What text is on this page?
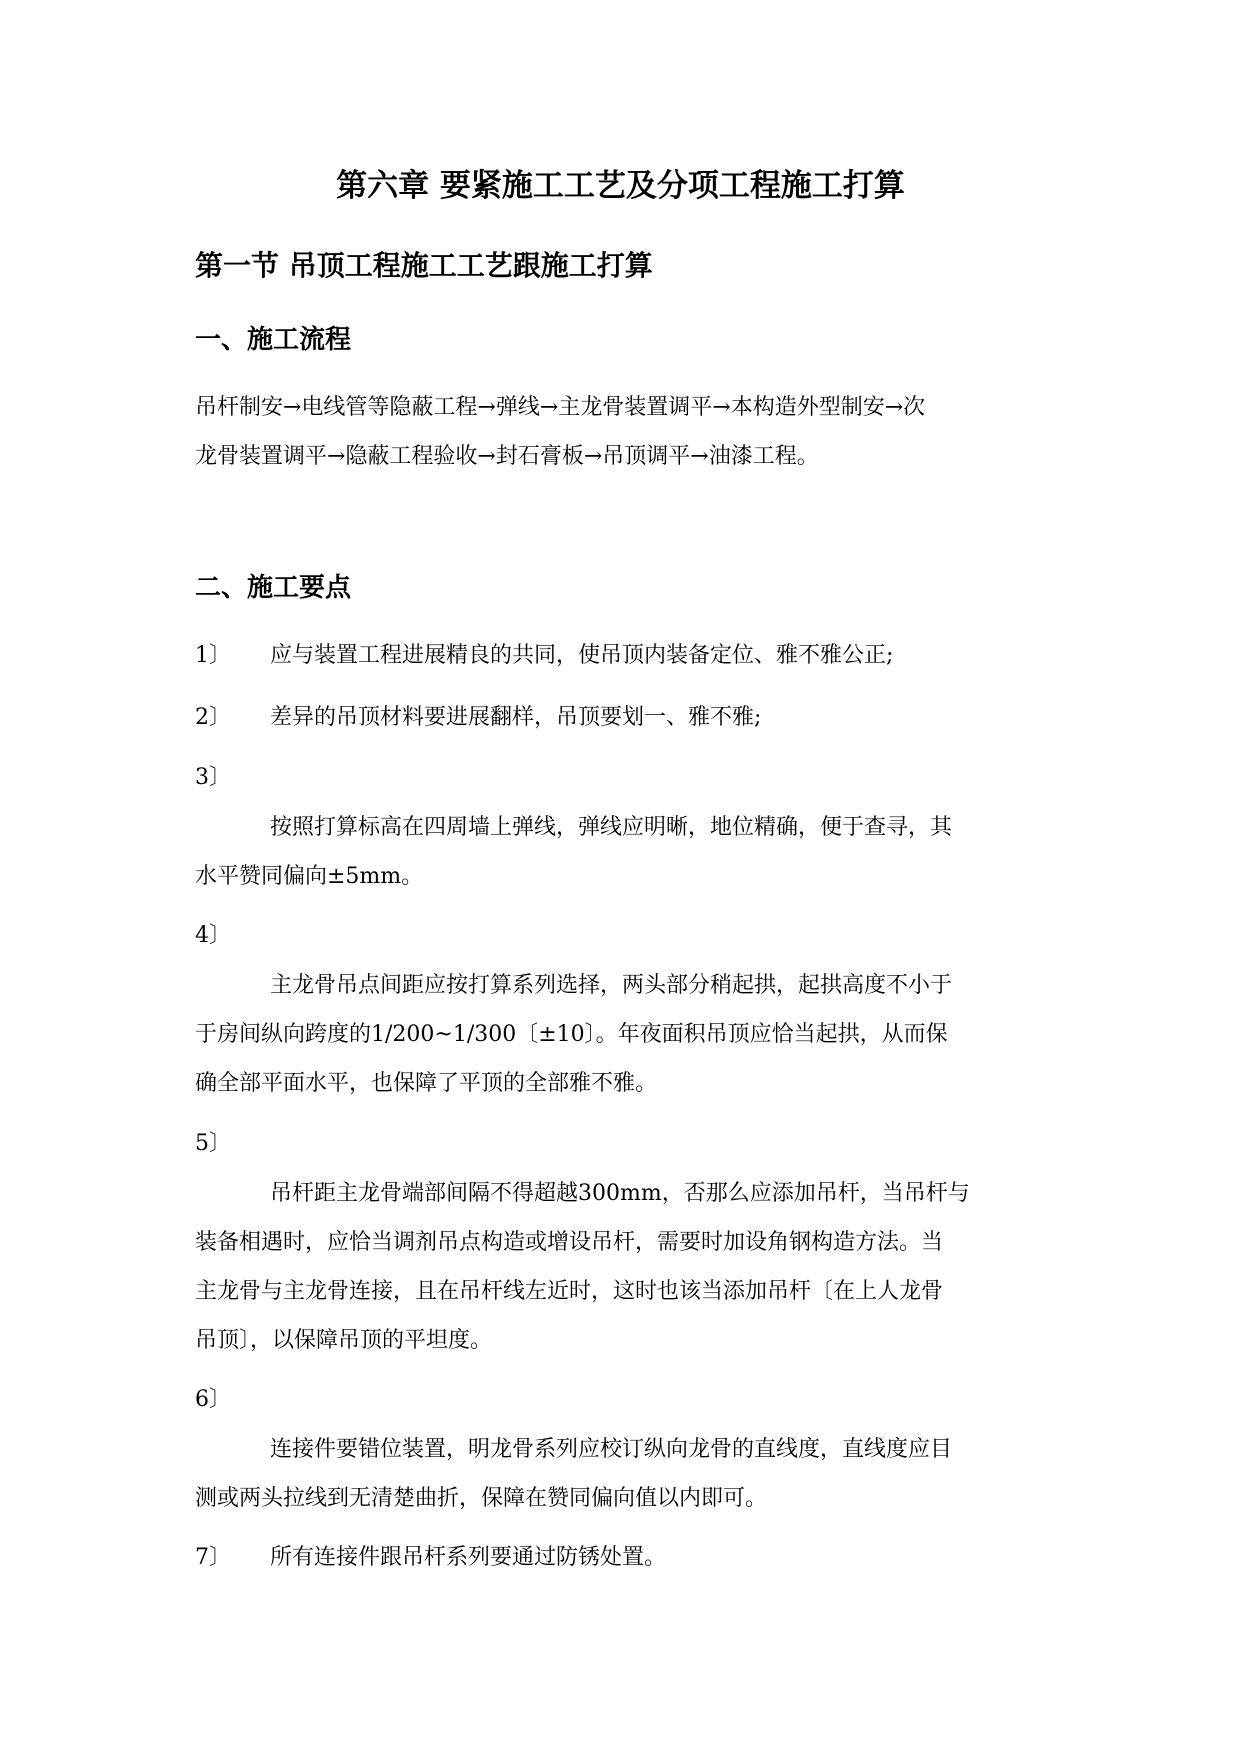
第六章 要紧施工工艺及分项工程施工打算
第一节 吊顶工程施工工艺跟施工打算
一、施工流程
吊杆制安→电线管等隐蔽工程→弹线→主龙骨装置调平→本构造外型制安→次
龙骨装置调平→隐蔽工程验收→封石膏板→吊顶调平→油漆工程。
二、施工要点
1〕 应与装置工程进展精良的共同，使吊顶内装备定位、雅不雅公正;
2〕 差异的吊顶材料要进展翻样，吊顶要划一、雅不雅;
3〕
按照打算标高在四周墙上弹线，弹线应明晰，地位精确，便于查寻，其
水平赞同偏向±5mm。
4〕
主龙骨吊点间距应按打算系列选择，两头部分稍起拱，起拱高度不小于
于房间纵向跨度的1/200~1/300〔±10〕。年夜面积吊顶应恰当起拱，从而保
确全部平面水平，也保障了平顶的全部雅不雅。
5〕
吊杆距主龙骨端部间隔不得超越300mm，否那么应添加吊杆，当吊杆与
装备相遇时，应恰当调剂吊点构造或增设吊杆，需要时加设角钢构造方法。当
主龙骨与主龙骨连接，且在吊杆线左近时，这时也该当添加吊杆〔在上人龙骨
吊顶〕，以保障吊顶的平坦度。
6〕
连接件要错位装置，明龙骨系列应校订纵向龙骨的直线度，直线度应目
测或两头拉线到无清楚曲折，保障在赞同偏向值以内即可。
7〕 所有连接件跟吊杆系列要通过防锈处置。
